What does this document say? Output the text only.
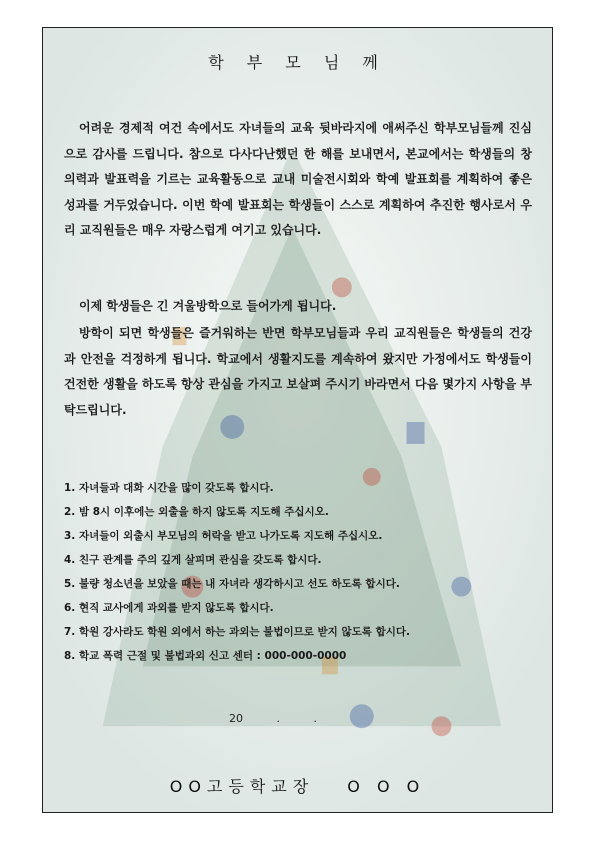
학 부 모 님 께
어려운 경제적 여건 속에서도 자녀들의 교육 뒷바라지에 애써주신 학부모님들께 진심으로 감사를 드립니다. 참으로 다사다난했던 한 해를 보내면서, 본교에서는 학생들의 창의력과 발표력을 기르는 교육활동으로 교내 미술전시회와 학예 발표회를 계획하여 좋은 성과를 거두었습니다. 이번 학예 발표회는 학생들이 스스로 계획하여 추진한 행사로서 우리 교직원들은 매우 자랑스럽게 여기고 있습니다.
이제 학생들은 긴 겨울방학으로 들어가게 됩니다.
방학이 되면 학생들은 즐거워하는 반면 학부모님들과 우리 교직원들은 학생들의 건강과 안전을 걱정하게 됩니다. 학교에서 생활지도를 계속하여 왔지만 가정에서도 학생들이 건전한 생활을 하도록 항상 관심을 가지고 보살펴 주시기 바라면서 다음 몇가지 사항을 부탁드립니다.
1. 자녀들과 대화 시간을 많이 갖도록 합시다.
2. 밤 8시 이후에는 외출을 하지 않도록 지도해 주십시오.
3. 자녀들이 외출시 부모님의 허락을 받고 나가도록 지도해 주십시오.
4. 친구 관계를 주의 깊게 살피며 관심을 갖도록 합시다.
5. 불량 청소년을 보았을 때는 내 자녀라 생각하시고 선도 하도록 합시다.
6. 현직 교사에게 과외를 받지 않도록 합시다.
7. 학원 강사라도 학원 외에서 하는 과외는 불법이므로 받지 않도록 합시다.
8. 학교 폭력 근절 및 불법과외 신고 센터 : 000-000-0000
20 . .
OO고등학교장　 O O O
